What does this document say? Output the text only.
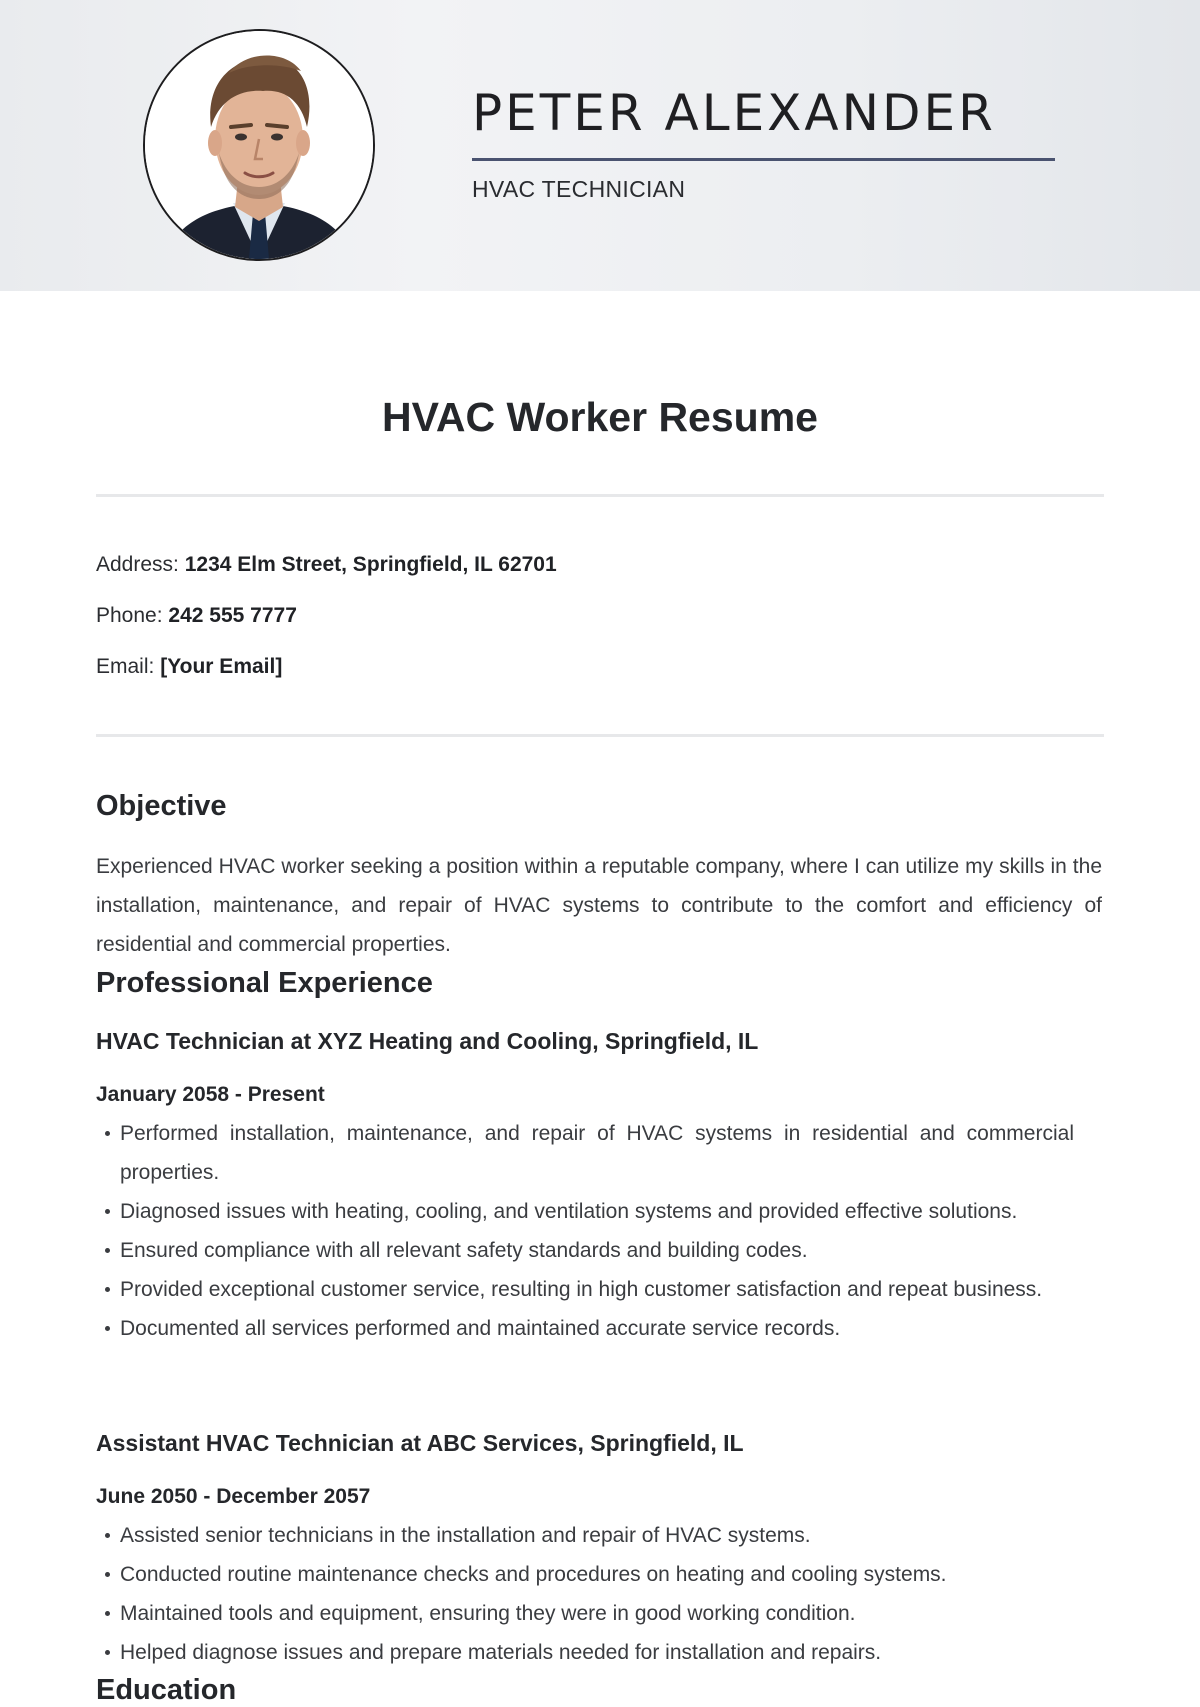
PETER ALEXANDER
HVAC TECHNICIAN
HVAC Worker Resume
Address: 1234 Elm Street, Springfield, IL 62701
Phone: 242 555 7777
Email: [Your Email]
Objective
Experienced HVAC worker seeking a position within a reputable company, where I can utilize my skills in the installation, maintenance, and repair of HVAC systems to contribute to the comfort and efficiency of residential and commercial properties.
Professional Experience
HVAC Technician at XYZ Heating and Cooling, Springfield, IL
January 2058 - Present
Performed installation, maintenance, and repair of HVAC systems in residential and commercial properties.
Diagnosed issues with heating, cooling, and ventilation systems and provided effective solutions.
Ensured compliance with all relevant safety standards and building codes.
Provided exceptional customer service, resulting in high customer satisfaction and repeat business.
Documented all services performed and maintained accurate service records.
Assistant HVAC Technician at ABC Services, Springfield, IL
June 2050 - December 2057
Assisted senior technicians in the installation and repair of HVAC systems.
Conducted routine maintenance checks and procedures on heating and cooling systems.
Maintained tools and equipment, ensuring they were in good working condition.
Helped diagnose issues and prepare materials needed for installation and repairs.
Education
